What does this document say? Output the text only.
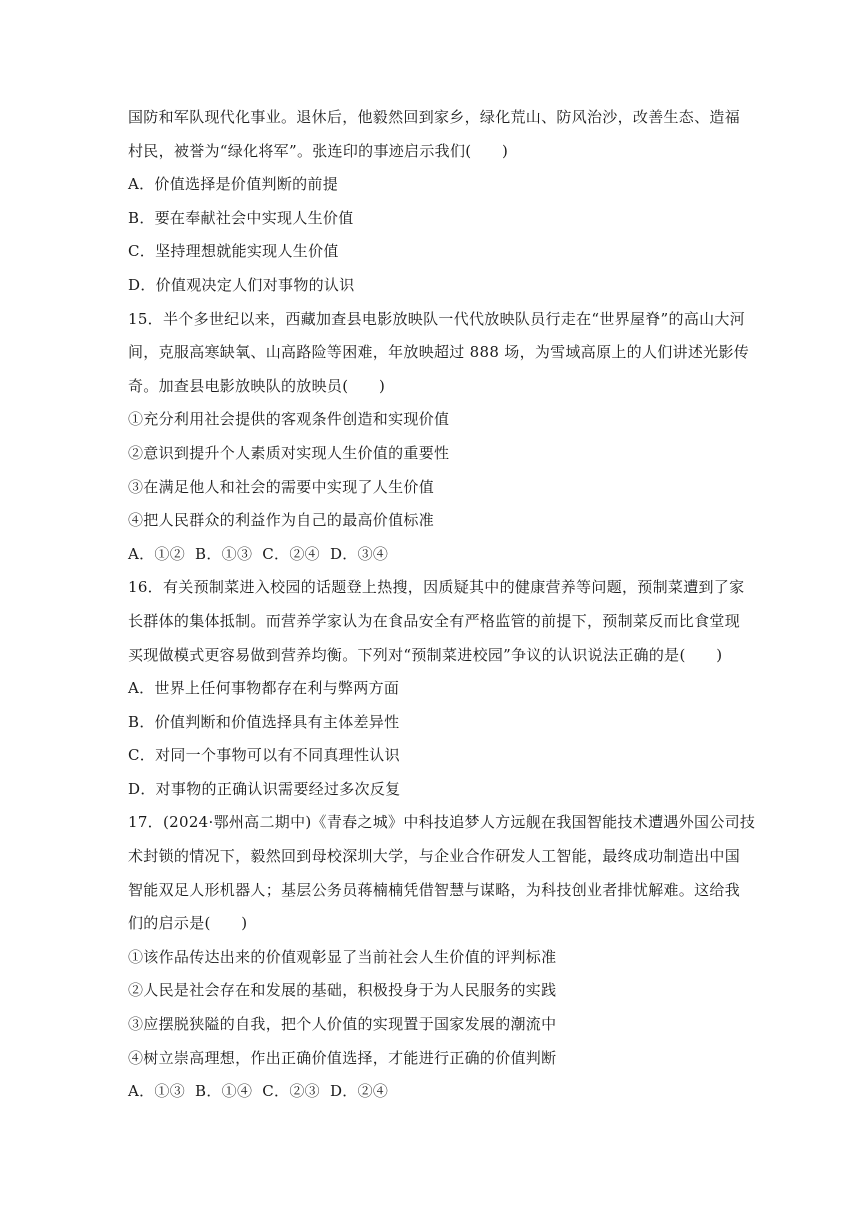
国防和军队现代化事业。退休后，他毅然回到家乡，绿化荒山、防风治沙，改善生态、造福
村民，被誉为“绿化将军”。张连印的事迹启示我们(　　)
A．价值选择是价值判断的前提
B．要在奉献社会中实现人生价值
C．坚持理想就能实现人生价值
D．价值观决定人们对事物的认识
15．半个多世纪以来，西藏加查县电影放映队一代代放映队员行走在“世界屋脊”的高山大河
间，克服高寒缺氧、山高路险等困难，年放映超过 888 场，为雪域高原上的人们讲述光影传
奇。加查县电影放映队的放映员(　　)
①充分利用社会提供的客观条件创造和实现价值
②意识到提升个人素质对实现人生价值的重要性
③在满足他人和社会的需要中实现了人生价值
④把人民群众的利益作为自己的最高价值标准
A．①② B．①③ C．②④ D．③④
16．有关预制菜进入校园的话题登上热搜，因质疑其中的健康营养等问题，预制菜遭到了家
长群体的集体抵制。而营养学家认为在食品安全有严格监管的前提下，预制菜反而比食堂现
买现做模式更容易做到营养均衡。下列对“预制菜进校园”争议的认识说法正确的是(　　)
A．世界上任何事物都存在利与弊两方面
B．价值判断和价值选择具有主体差异性
C．对同一个事物可以有不同真理性认识
D．对事物的正确认识需要经过多次反复
17．(2024·鄂州高二期中)《青春之城》中科技追梦人方远舰在我国智能技术遭遇外国公司技
术封锁的情况下，毅然回到母校深圳大学，与企业合作研发人工智能，最终成功制造出中国
智能双足人形机器人；基层公务员蒋楠楠凭借智慧与谋略，为科技创业者排忧解难。这给我
们的启示是(　　)
①该作品传达出来的价值观彰显了当前社会人生价值的评判标准
②人民是社会存在和发展的基础，积极投身于为人民服务的实践
③应摆脱狭隘的自我，把个人价值的实现置于国家发展的潮流中
④树立崇高理想，作出正确价值选择，才能进行正确的价值判断
A．①③ B．①④ C．②③ D．②④
